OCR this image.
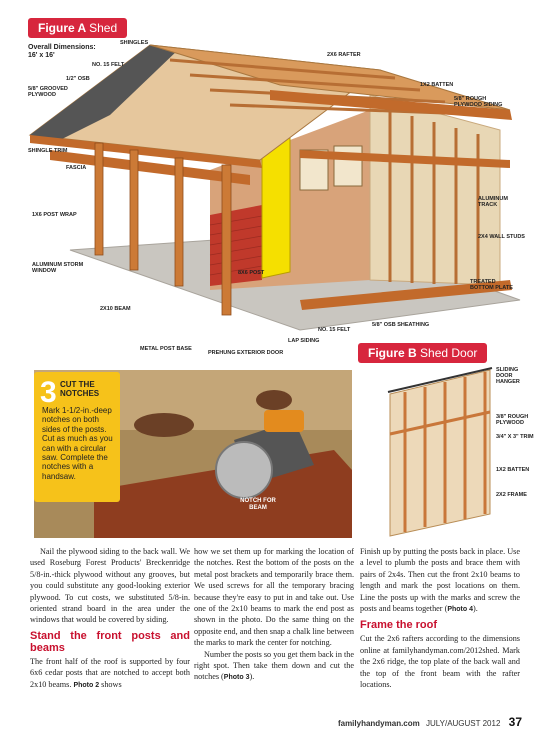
Figure A Shed
Overall Dimensions:
16' x 16'
SHINGLES
NO. 15 FELT
1/2" OSB
5/8" GROOVED PLYWOOD
2X6 RAFTER
1X2 BATTEN
5/8" ROUGH PLYWOOD SIDING
SHINGLE TRIM
FASCIA
1X6 POST WRAP
ALUMINUM TRACK
2X4 WALL STUDS
ALUMINUM STORM WINDOW	8X6 POST
TREATED BOTTOM PLATE
2X10 BEAM
5/8" OSB SHEATHING
NO. 15 FELT
LAP SIDING
METAL POST BASE
PREHUNG EXTERIOR DOOR	Figure B Shed Door
SLIDING DOOR HANGER
3/8" ROUGH PLYWOOD
3/4" X 3" TRIM
1X2 BATTEN
2X2 FRAME
NOTCH FOR BEAM
3 CUT THE NOTCHES
Mark 1-1/2-in.-deep notches on both sides of the posts. Cut as much as you can with a circular saw. Complete the notches with a handsaw.

Nail the plywood siding to the back wall. We used Roseburg Forest Products' Breckenridge 5/8-in.-thick plywood without any grooves, but you could substitute any good-looking exterior plywood. To cut costs, we substituted 5/8-in. oriented strand board in the area under the windows that would be covered by siding.

Stand the front posts and beams

The front half of the roof is supported by four 6x6 cedar posts that are notched to accept both 2x10 beams. Photo 2 shows

how we set them up for marking the location of the notches. Rest the bottom of the posts on the metal post brackets and temporarily brace them. We used screws for all the temporary bracing because they're easy to put in and take out. Use one of the 2x10 beams to mark the end post as shown in the photo. Do the same thing on the opposite end, and then snap a chalk line between the marks to mark the center for notching.

Number the posts so you get them back in the right spot. Then take them down and cut the notches (Photo 3).

Finish up by putting the posts back in place. Use a level to plumb the posts and brace them with pairs of 2x4s. Then cut the front 2x10 beams to length and mark the post locations on them. Line the posts up with the marks and screw the posts and beams together (Photo 4).

Frame the roof

Cut the 2x6 rafters according to the dimensions online at familyhandyman.com/2012shed. Mark the 2x6 ridge, the top plate of the back wall and the top of the front beam with the rafter locations.

familyhandyman.com JULY/AUGUST 2012 37
